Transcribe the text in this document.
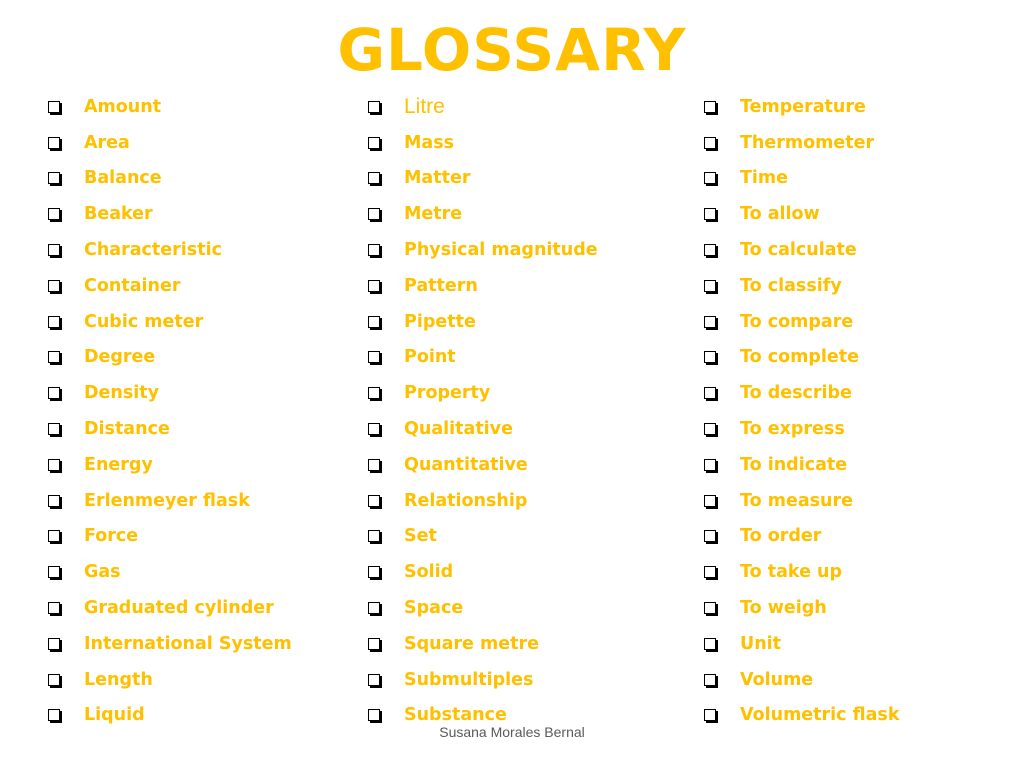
GLOSSARY
Amount
Area
Balance
Beaker
Characteristic
Container
Cubic meter
Degree
Density
Distance
Energy
Erlenmeyer flask
Force
Gas
Graduated cylinder
International System
Length
Liquid
Litre
Mass
Matter
Metre
Physical magnitude
Pattern
Pipette
Point
Property
Qualitative
Quantitative
Relationship
Set
Solid
Space
Square metre
Submultiples
Substance
Temperature
Thermometer
Time
To allow
To calculate
To classify
To compare
To complete
To describe
To express
To indicate
To measure
To order
To take up
To weigh
Unit
Volume
Volumetric flask
Susana Morales Bernal
